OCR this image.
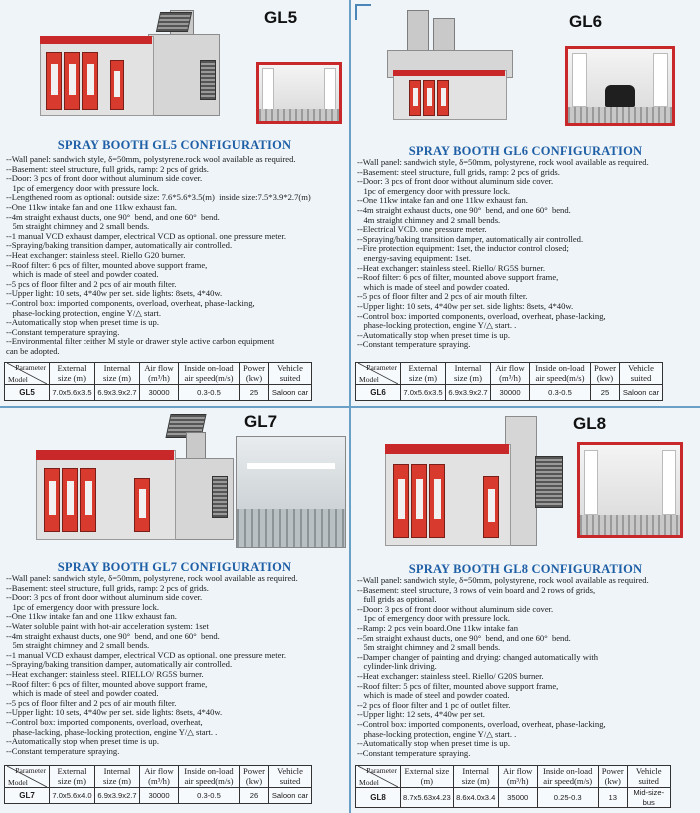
GL5
SPRAY BOOTH GL5 CONFIGURATION
--Wall panel: sandwich style, δ=50mm, polystyrene.rock wool available as required.
--Basement: steel structure, full grids, ramp: 2 pcs of grids.
--Door: 3 pcs of front door without aluminum side cover.
1pc of emergency door with pressure lock.
--Lengthened room as optional: outside size: 7.6*5.6*3.5(m)  inside size:7.5*3.9*2.7(m)
--One 11kw intake fan and one 11kw exhaust fan.
--4m straight exhaust ducts, one 90°  bend, and one 60°  bend.
5m straight chimney and 2 small bends.
--1 manual VCD exhaust damper, electrical VCD as optional. one pressure meter.
--Spraying/baking transition damper, automatically air controlled.
--Heat exchanger: stainless steel. Riello G20 burner.
--Roof filter: 6 pcs of filter, mounted above support frame,
which is made of steel and powder coated.
--5 pcs of floor filter and 2 pcs of air mouth filter.
--Upper light: 10 sets, 4*40w per set. side lights: 8sets, 4*40w.
--Control box: imported components, overload, overheat, phase-lacking,
phase-locking protection, engine Y/△ start.
--Automatically stop when preset time is up.
--Constant temperature spraying.
--Environmental filter :either M style or drawer style active carbon equipment
can be adopted.
Parameter
Model	External size (m)	Internal size (m)	Air flow (m³/h)	Inside on-load air speed(m/s)	Power (kw)	Vehicle suited
GL5	7.0x5.6x3.5	6.9x3.9x2.7	30000	0.3-0.5	25	Saloon car
GL6
SPRAY BOOTH GL6 CONFIGURATION
--Wall panel: sandwich style, δ=50mm, polystyrene, rock wool available as required.
--Basement: steel structure, full grids, ramp: 2 pcs of grids.
--Door: 3 pcs of front door without aluminum side cover.
1pc of emergency door with pressure lock.
--One 11kw intake fan and one 11kw exhaust fan.
--4m straight exhaust ducts, one 90°  bend, and one 60°  bend.
4m straight chimney and 2 small bends.
--Electrical VCD. one pressure meter.
--Spraying/baking transition damper, automatically air controlled.
--Fire protection equipment: 1set, the inductor control closed;
energy-saving equipment: 1set.
--Heat exchanger: stainless steel. Riello/ RG5S burner.
--Roof filter: 6 pcs of filter, mounted above support frame,
which is made of steel and powder coated.
--5 pcs of floor filter and 2 pcs of air mouth filter.
--Upper light: 10 sets, 4*40w per set. side lights: 8sets, 4*40w.
--Control box: imported components, overload, overheat, phase-lacking,
phase-locking protection, engine Y/△ start. .
--Automatically stop when preset time is up.
--Constant temperature spraying.
Parameter
Model	External size (m)	Internal size (m)	Air flow (m³/h)	Inside on-load air speed(m/s)	Power (kw)	Vehicle suited
GL6	7.0x5.6x3.5	6.9x3.9x2.7	30000	0.3-0.5	25	Saloon car
GL7
SPRAY BOOTH GL7 CONFIGURATION
--Wall panel: sandwich style, δ=50mm, polystyrene, rock wool available as required.
--Basement: steel structure, full grids, ramp: 2 pcs of grids.
--Door: 3 pcs of front door without aluminum side cover.
1pc of emergency door with pressure lock.
--One 11kw intake fan and one 11kw exhaust fan.
--Water soluble paint with hot-air acceleration system: 1set
--4m straight exhaust ducts, one 90°  bend, and one 60°  bend.
5m straight chimney and 2 small bends.
--1 manual VCD exhaust damper, electrical VCD as optional. one pressure meter.
--Spraying/baking transition damper, automatically air controlled.
--Heat exchanger: stainless steel. RIELLO/ RG5S burner.
--Roof filter: 6 pcs of filter, mounted above support frame,
which is made of steel and powder coated.
--5 pcs of floor filter and 2 pcs of air mouth filter.
--Upper light: 10 sets, 4*40w per set. side lights: 8sets, 4*40w.
--Control box: imported components, overload, overheat,
phase-lacking, phase-locking protection, engine Y/△ start. .
--Automatically stop when preset time is up.
--Constant temperature spraying.
Parameter
Model	External size (m)	Internal size (m)	Air flow (m³/h)	Inside on-load air speed(m/s)	Power (kw)	Vehicle suited
GL7	7.0x5.6x4.0	6.9x3.9x2.7	30000	0.3-0.5	26	Saloon car
GL8
SPRAY BOOTH GL8 CONFIGURATION
--Wall panel: sandwich style, δ=50mm, polystyrene, rock wool available as required.
--Basement: steel structure, 3 rows of vein board and 2 rows of grids,
full grids as optional.
--Door: 3 pcs of front door without aluminum side cover.
1pc of emergency door with pressure lock.
--Ramp: 2 pcs vein board.One 11kw intake fan
--5m straight exhaust ducts, one 90°  bend, and one 60°  bend.
5m straight chimney and 2 small bends.
--Damper changer of painting and drying: changed automatically with
cylinder-link driving.
--Heat exchanger: stainless steel. Riello/ G20S burner.
--Roof filter: 5 pcs of filter, mounted above support frame,
which is made of steel and powder coated.
--2 pcs of floor filter and 1 pc of outlet filter.
--Upper light: 12 sets, 4*40w per set.
--Control box: imported components, overload, overheat, phase-lacking,
phase-locking protection, engine Y/△ start. .
--Automatically stop when preset time is up.
--Constant temperature spraying.
Parameter
Model	External size (m)	Internal size (m)	Air flow (m³/h)	Inside on-load air speed(m/s)	Power (kw)	Vehicle suited
GL8	8.7x5.63x4.23	8.6x4.0x3.4	35000	0.25-0.3	13	Mid-size-bus
